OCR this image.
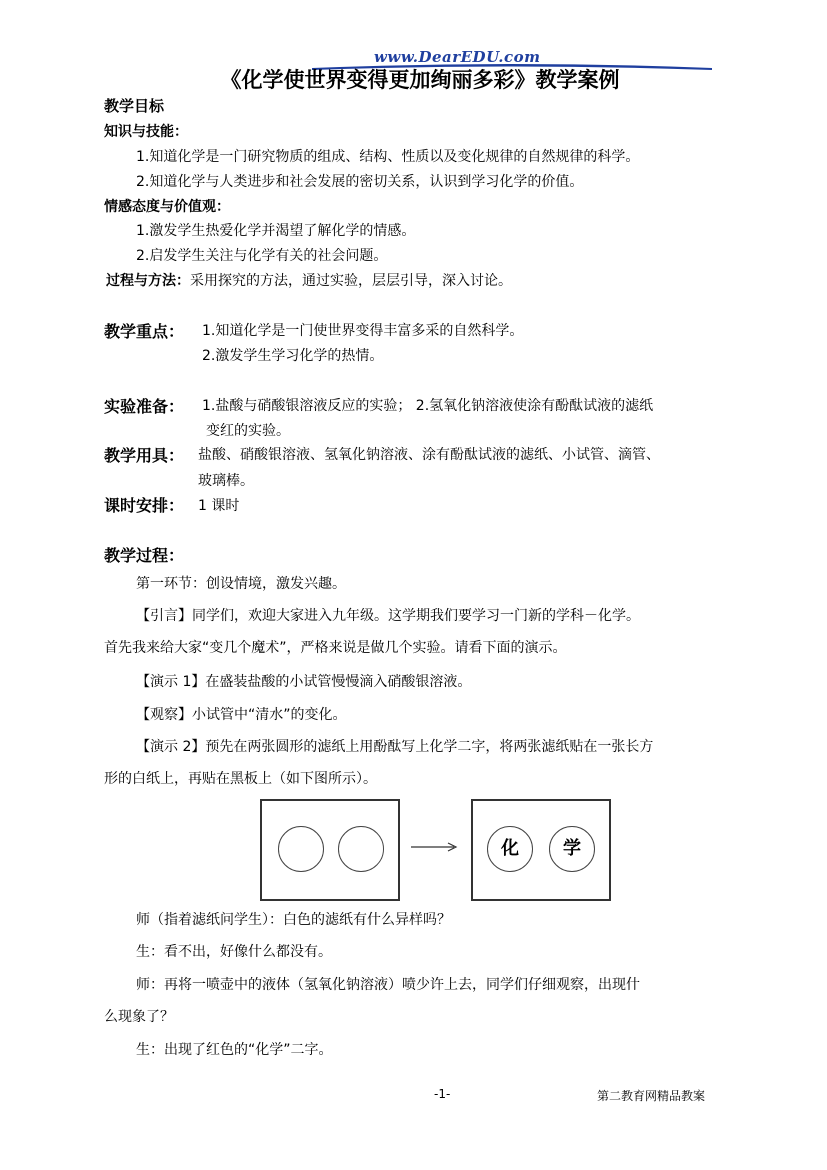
www.DearEDU.com
《化学使世界变得更加绚丽多彩》教学案例
教学目标
知识与技能：
1.知道化学是一门研究物质的组成、结构、性质以及变化规律的自然规律的科学。
2.知道化学与人类进步和社会发展的密切关系，认识到学习化学的价值。
情感态度与价值观：
1.激发学生热爱化学并渴望了解化学的情感。
2.启发学生关注与化学有关的社会问题。
过程与方法：采用探究的方法，通过实验，层层引导，深入讨论。
教学重点： 1.知道化学是一门使世界变得丰富多采的自然科学。
2.激发学生学习化学的热情。
实验准备： 1.盐酸与硝酸银溶液反应的实验； 2.氢氧化钠溶液使涂有酚酞试液的滤纸
变红的实验。
教学用具： 盐酸、硝酸银溶液、氢氧化钠溶液、涂有酚酞试液的滤纸、小试管、滴管、
玻璃棒。
课时安排： 1 课时
教学过程：
第一环节：创设情境，激发兴趣。
【引言】同学们，欢迎大家进入九年级。这学期我们要学习一门新的学科－化学。
首先我来给大家“变几个魔术”，严格来说是做几个实验。请看下面的演示。
【演示 1】在盛装盐酸的小试管慢慢滴入硝酸银溶液。
【观察】小试管中“清水”的变化。
【演示 2】预先在两张圆形的滤纸上用酚酞写上化学二字，将两张滤纸贴在一张长方
形的白纸上，再贴在黑板上（如下图所示）。
化	学
师（指着滤纸问学生）：白色的滤纸有什么异样吗？
生：看不出，好像什么都没有。
师：再将一喷壶中的液体（氢氧化钠溶液）喷少许上去，同学们仔细观察，出现什
么现象了？
生：出现了红色的“化学”二字。
-1-	第二教育网精品教案
